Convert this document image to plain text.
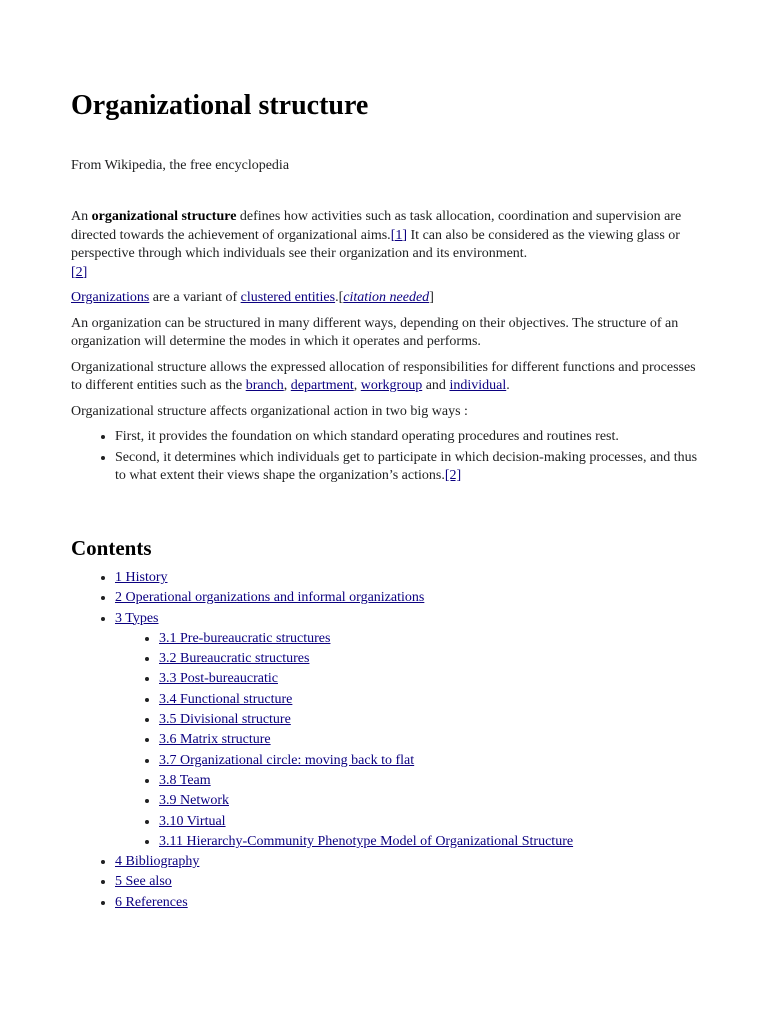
Organizational structure

From Wikipedia, the free encyclopedia

An organizational structure defines how activities such as task allocation, coordination and supervision are directed towards the achievement of organizational aims.[1] It can also be considered as the viewing glass or perspective through which individuals see their organization and its environment.
[2]

Organizations are a variant of clustered entities.[citation needed]

An organization can be structured in many different ways, depending on their objectives. The structure of an organization will determine the modes in which it operates and performs.

Organizational structure allows the expressed allocation of responsibilities for different functions and processes to different entities such as the branch, department, workgroup and individual.

Organizational structure affects organizational action in two big ways :

• First, it provides the foundation on which standard operating procedures and routines rest.
• Second, it determines which individuals get to participate in which decision-making processes, and thus to what extent their views shape the organization’s actions.[2]
Contents
• 1 History
• 2 Operational organizations and informal organizations
• 3 Types
• 3.1 Pre-bureaucratic structures
• 3.2 Bureaucratic structures
• 3.3 Post-bureaucratic
• 3.4 Functional structure
• 3.5 Divisional structure
• 3.6 Matrix structure
• 3.7 Organizational circle: moving back to flat
• 3.8 Team
• 3.9 Network
• 3.10 Virtual
• 3.11 Hierarchy-Community Phenotype Model of Organizational Structure
• 4 Bibliography
• 5 See also
• 6 References
